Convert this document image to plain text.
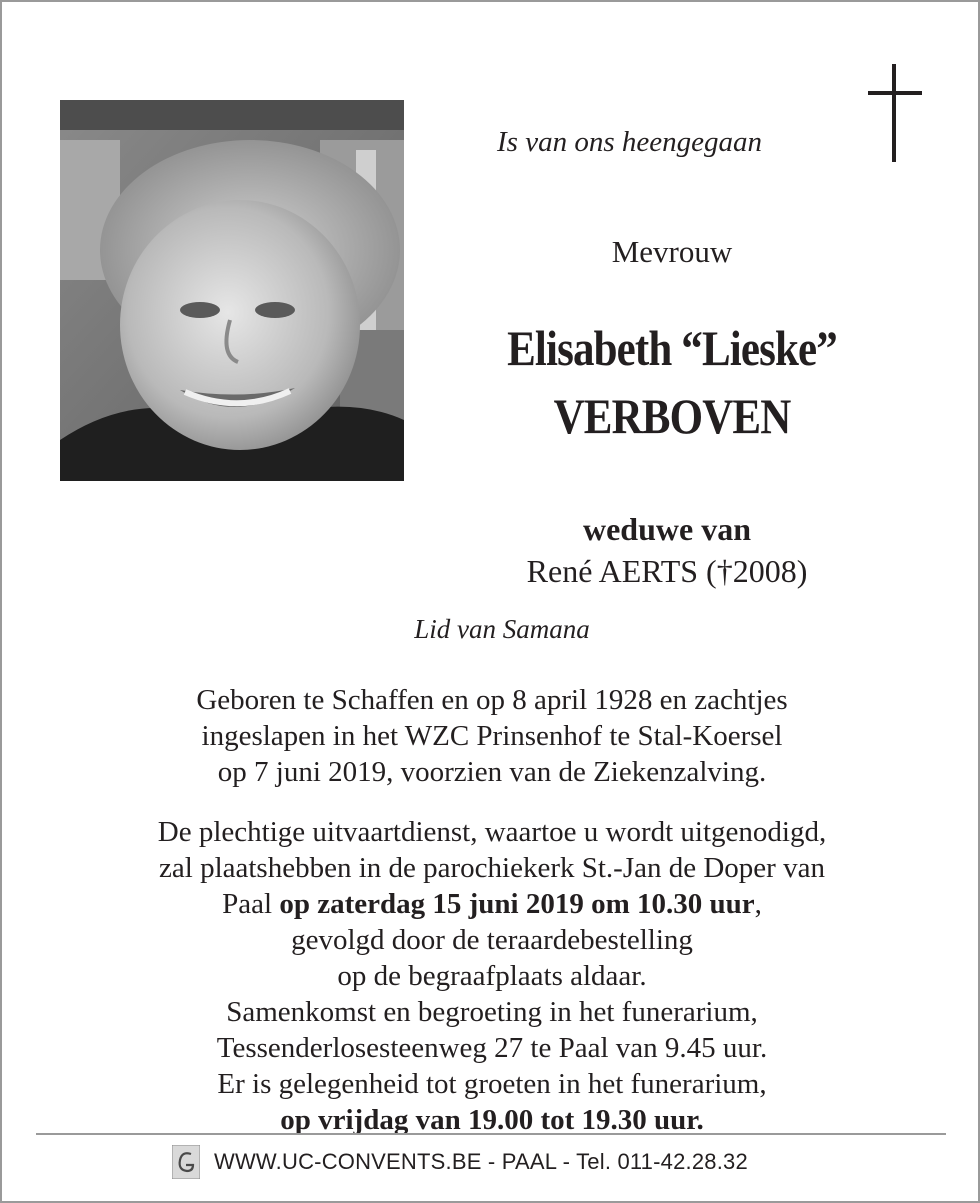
Is van ons heengegaan
Mevrouw
Elisabeth “Lieske”
VERBOVEN
weduwe van
René AERTS (†2008)
Lid van Samana
Geboren te Schaffen en op 8 april 1928 en zachtjes
ingeslapen in het WZC Prinsenhof te Stal-Koersel
op 7 juni 2019, voorzien van de Ziekenzalving.
De plechtige uitvaartdienst, waartoe u wordt uitgenodigd,
zal plaatshebben in de parochiekerk St.-Jan de Doper van
Paal op zaterdag 15 juni 2019 om 10.30 uur,
gevolgd door de teraardebestelling
op de begraafplaats aldaar.
Samenkomst en begroeting in het funerarium,
Tessenderlosesteenweg 27 te Paal van 9.45 uur.
Er is gelegenheid tot groeten in het funerarium,
op vrijdag van 19.00 tot 19.30 uur.
WWW.UC-CONVENTS.BE - PAAL - Tel. 011-42.28.32
